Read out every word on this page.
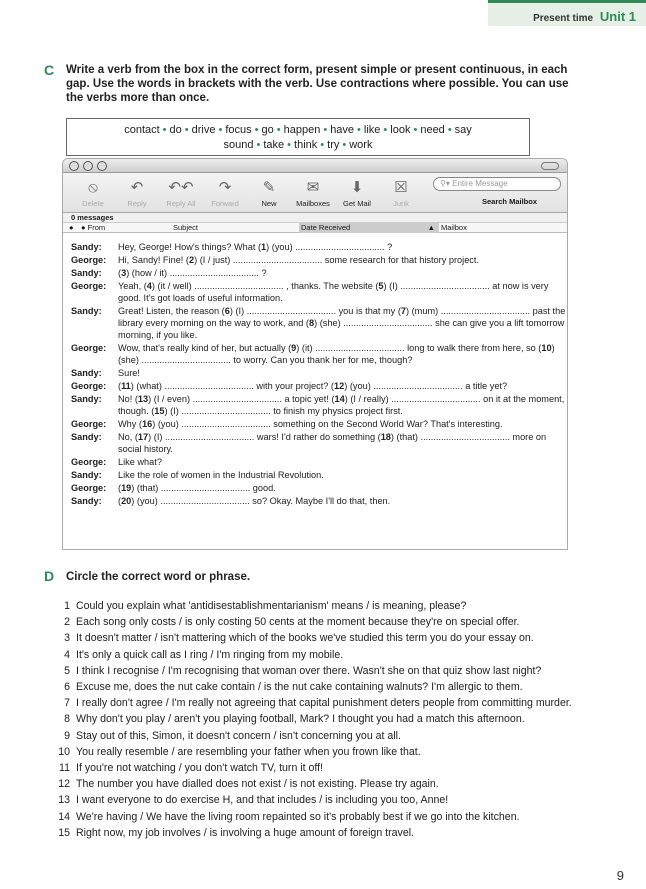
Present time Unit 1
C Write a verb from the box in the correct form, present simple or present continuous, in each gap. Use the words in brackets with the verb. Use contractions where possible. You can use the verbs more than once.
contact • do • drive • focus • go • happen • have • like • look • need • say
sound • take • think • try • work
⚲▾ Entire Message
Search Mailbox
⦸
Delete
↶
Reply
↶↶
Reply All
↷
Forward
✎
New
✉
Mailboxes
⬇
Get Mail
☒
Junk
0 messages
● ● From	Subject	Date Received	▲ Mailbox
Sandy:	Hey, George! How's things? What (1) (you) ................................... ?
George:	Hi, Sandy! Fine! (2) (I / just) ................................... some research for that history project.
Sandy:	(3) (how / it) ................................... ?
George:	Yeah, (4) (it / well) ................................... , thanks. The website (5) (I) ................................... at now is very good. It's got loads of useful information.
Sandy:	Great! Listen, the reason (6) (I) ................................... you is that my (7) (mum) ................................... past the library every morning on the way to work, and (8) (she) ................................... she can give you a lift tomorrow morning, if you like.
George:	Wow, that's really kind of her, but actually (9) (it) ................................... long to walk there from here, so (10) (she) ................................... to worry. Can you thank her for me, though?
Sandy:	Sure!
George:	(11) (what) ................................... with your project? (12) (you) ................................... a title yet?
Sandy:	No! (13) (I / even) ................................... a topic yet! (14) (I / really) ................................... on it at the moment, though. (15) (I) ................................... to finish my physics project first.
George:	Why (16) (you) ................................... something on the Second World War? That's interesting.
Sandy:	No, (17) (I) ................................... wars! I'd rather do something (18) (that) ................................... more on social history.
George:	Like what?
Sandy:	Like the role of women in the Industrial Revolution.
George:	(19) (that) ................................... good.
Sandy:	(20) (you) ................................... so? Okay. Maybe I'll do that, then.
D Circle the correct word or phrase.
1 Could you explain what 'antidisestablishmentarianism' means / is meaning, please?
2 Each song only costs / is only costing 50 cents at the moment because they're on special offer.
3 It doesn't matter / isn't mattering which of the books we've studied this term you do your essay on.
4 It's only a quick call as I ring / I'm ringing from my mobile.
5 I think I recognise / I'm recognising that woman over there. Wasn't she on that quiz show last night?
6 Excuse me, does the nut cake contain / is the nut cake containing walnuts? I'm allergic to them.
7 I really don't agree / I'm really not agreeing that capital punishment deters people from committing murder.
8 Why don't you play / aren't you playing football, Mark? I thought you had a match this afternoon.
9 Stay out of this, Simon, it doesn't concern / isn't concerning you at all.
10 You really resemble / are resembling your father when you frown like that.
11 If you're not watching / you don't watch TV, turn it off!
12 The number you have dialled does not exist / is not existing. Please try again.
13 I want everyone to do exercise H, and that includes / is including you too, Anne!
14 We're having / We have the living room repainted so it's probably best if we go into the kitchen.
15 Right now, my job involves / is involving a huge amount of foreign travel.
9
